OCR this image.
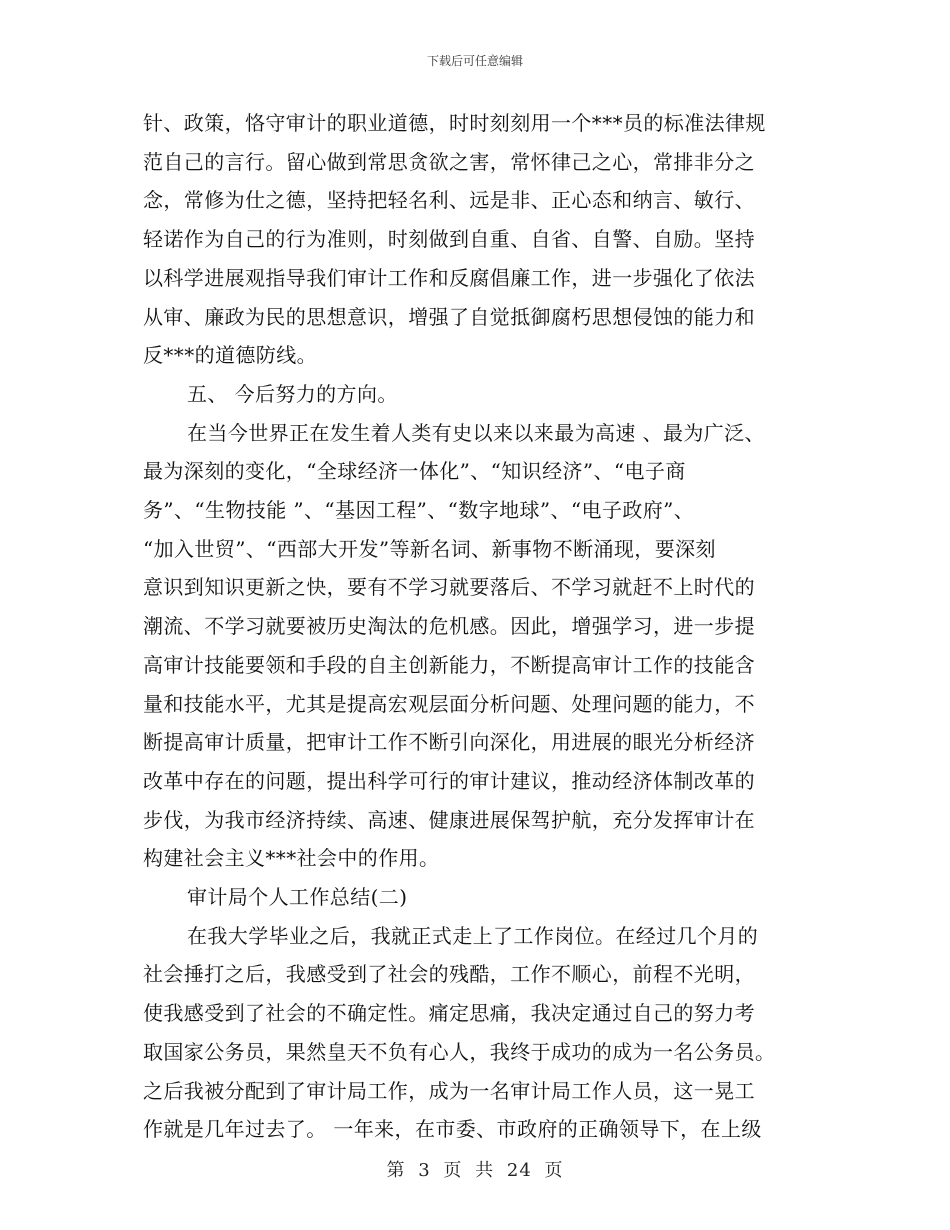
下载后可任意编辑

针、政策，恪守审计的职业道德，时时刻刻用一个***员的标准法律规
范自己的言行。留心做到常思贪欲之害，常怀律己之心，常排非分之
念，常修为仕之德，坚持把轻名利、远是非、正心态和纳言、敏行、
轻诺作为自己的行为准则，时刻做到自重、自省、自警、自励。坚持
以科学进展观指导我们审计工作和反腐倡廉工作，进一步强化了依法
从审、廉政为民的思想意识，增强了自觉抵御腐朽思想侵蚀的能力和
反***的道德防线。

五、 今后努力的方向。

在当今世界正在发生着人类有史以来以来最为高速 、最为广泛、
最为深刻的变化，“全球经济一体化”、“知识经济”、“电子商
务”、“生物技能 ”、“基因工程”、“数字地球”、“电子政府”、
“加入世贸”、“西部大开发”等新名词、新事物不断涌现，要深刻
意识到知识更新之快，要有不学习就要落后、不学习就赶不上时代的
潮流、不学习就要被历史淘汰的危机感。因此，增强学习，进一步提
高审计技能要领和手段的自主创新能力，不断提高审计工作的技能含
量和技能水平，尤其是提高宏观层面分析问题、处理问题的能力，不
断提高审计质量，把审计工作不断引向深化，用进展的眼光分析经济
改革中存在的问题，提出科学可行的审计建议，推动经济体制改革的
步伐，为我市经济持续、高速、健康进展保驾护航，充分发挥审计在
构建社会主义***社会中的作用。

审计局个人工作总结(二)

在我大学毕业之后，我就正式走上了工作岗位。在经过几个月的
社会捶打之后，我感受到了社会的残酷，工作不顺心，前程不光明，
使我感受到了社会的不确定性。痛定思痛，我决定通过自己的努力考
取国家公务员，果然皇天不负有心人，我终于成功的成为一名公务员。
之后我被分配到了审计局工作，成为一名审计局工作人员，这一晃工
作就是几年过去了。 一年来，在市委、市政府的正确领导下，在上级

第 3 页 共 24 页
